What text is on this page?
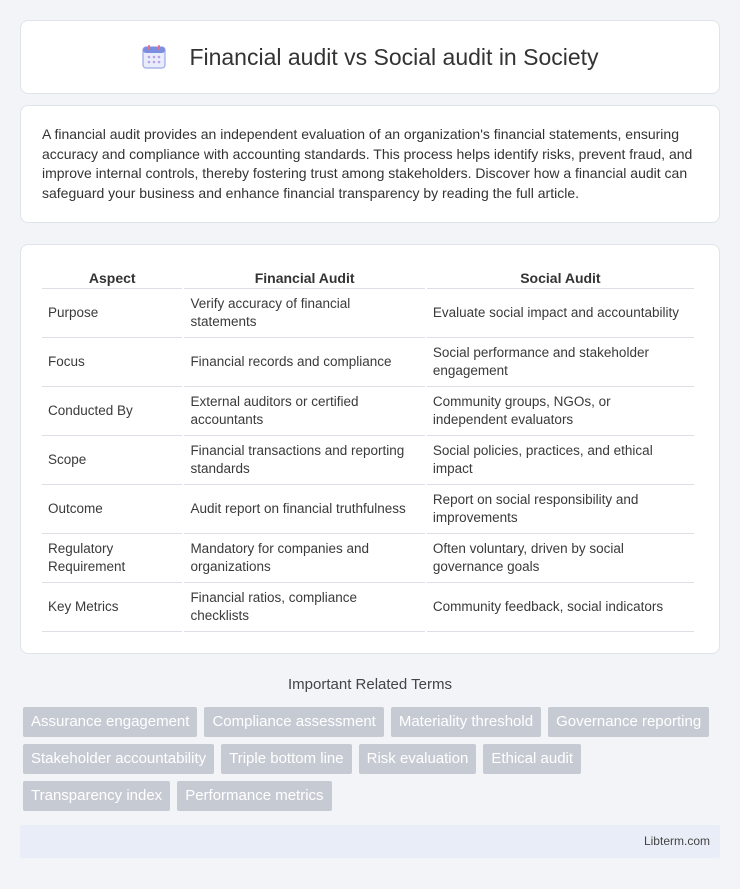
Financial audit vs Social audit in Society

A financial audit provides an independent evaluation of an organization's financial statements, ensuring accuracy and compliance with accounting standards. This process helps identify risks, prevent fraud, and improve internal controls, thereby fostering trust among stakeholders. Discover how a financial audit can safeguard your business and enhance financial transparency by reading the full article.

Aspect	Financial Audit	Social Audit
Purpose	Verify accuracy of financial statements	Evaluate social impact and accountability
Focus	Financial records and compliance	Social performance and stakeholder engagement
Conducted By	External auditors or certified accountants	Community groups, NGOs, or independent evaluators
Scope	Financial transactions and reporting standards	Social policies, practices, and ethical impact
Outcome	Audit report on financial truthfulness	Report on social responsibility and improvements
Regulatory Requirement	Mandatory for companies and organizations	Often voluntary, driven by social governance goals
Key Metrics	Financial ratios, compliance checklists	Community feedback, social indicators
Important Related Terms
Assurance engagement	Compliance assessment	Materiality threshold	Governance reporting
Stakeholder accountability	Triple bottom line	Risk evaluation	Ethical audit
Transparency index	Performance metrics
Libterm.com
